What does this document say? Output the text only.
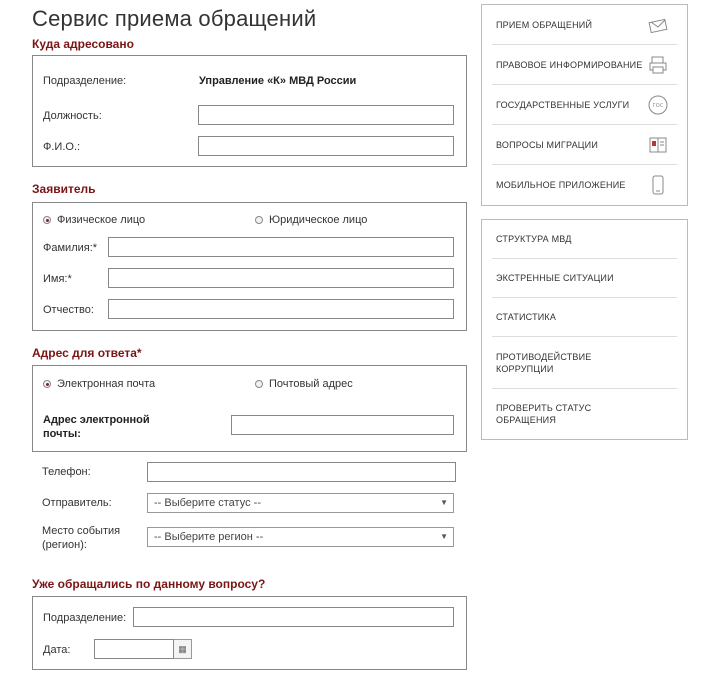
Сервис приема обращений
Куда адресовано
Подразделение:	Управление «К» МВД России
Должность:
Ф.И.О.:
Заявитель
Физическое лицо	Юридическое лицо
Фамилия:*
Имя:*
Отчество:
Адрес для ответа*
Электронная почта	Почтовый адрес
Адрес электронной почты:
Телефон:
Отправитель:	-- Выберите статус --	▼
Место события (регион):
-- Выберите регион --	▼
Уже обращались по данному вопросу?
Подразделение:
Дата:	▦
ПРИЕМ ОБРАЩЕНИЙ
ПРАВОВОЕ ИНФОРМИРОВАНИЕ
ГОСУДАРСТВЕННЫЕ УСЛУГИ	ГОС
ВОПРОСЫ МИГРАЦИИ
МОБИЛЬНОЕ ПРИЛОЖЕНИЕ
СТРУКТУРА МВД
ЭКСТРЕННЫЕ СИТУАЦИИ
СТАТИСТИКА
ПРОТИВОДЕЙСТВИЕ КОРРУПЦИИ
ПРОВЕРИТЬ СТАТУС ОБРАЩЕНИЯ
